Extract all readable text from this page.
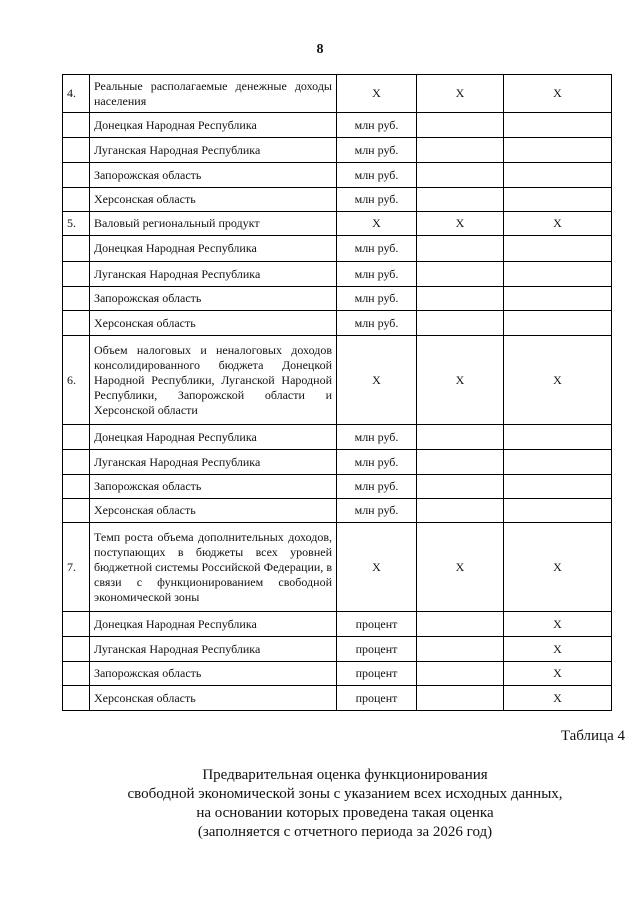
8
4.	Реальные располагаемые денежные доходы населения	X	X	X
	Донецкая Народная Республика	млн руб.		
	Луганская Народная Республика	млн руб.		
	Запорожская область	млн руб.		
	Херсонская область	млн руб.		
5.	Валовый региональный продукт	X	X	X
	Донецкая Народная Республика	млн руб.		
	Луганская Народная Республика	млн руб.		
	Запорожская область	млн руб.		
	Херсонская область	млн руб.		
6.	Объем налоговых и неналоговых доходов консолидированного бюджета Донецкой Народной Республики, Луганской Народной Республики, Запорожской области и Херсонской области	X	X	X
	Донецкая Народная Республика	млн руб.		
	Луганская Народная Республика	млн руб.		
	Запорожская область	млн руб.		
	Херсонская область	млн руб.		
7.	Темп роста объема дополнительных доходов, поступающих в бюджеты всех уровней бюджетной системы Российской Федерации, в связи с функционированием свободной экономической зоны	X	X	X
	Донецкая Народная Республика	процент		X
	Луганская Народная Республика	процент		X
	Запорожская область	процент		X
	Херсонская область	процент		X
Таблица 4
Предварительная оценка функционирования
свободной экономической зоны с указанием всех исходных данных,
на основании которых проведена такая оценка
(заполняется с отчетного периода за 2026 год)
